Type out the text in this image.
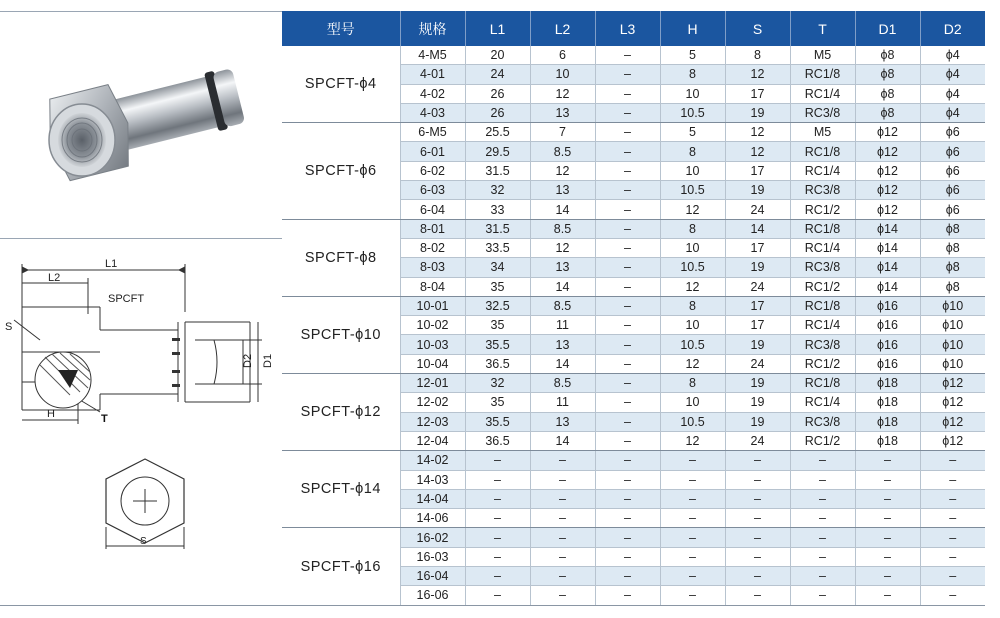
L1
L2
SPCFT
S
H	T
D2 D1
S
型号	规格	L1	L2	L3	H	S	T	D1	D2
SPCFT-ϕ4	4-M5	20	6	–	5	8	M5	ϕ8	ϕ4
	4-01	24	10	–	8	12	RC1/8	ϕ8	ϕ4
	4-02	26	12	–	10	17	RC1/4	ϕ8	ϕ4
	4-03	26	13	–	10.5	19	RC3/8	ϕ8	ϕ4
SPCFT-ϕ6	6-M5	25.5	7	–	5	12	M5	ϕ12	ϕ6
	6-01	29.5	8.5	–	8	12	RC1/8	ϕ12	ϕ6
	6-02	31.5	12	–	10	17	RC1/4	ϕ12	ϕ6
	6-03	32	13	–	10.5	19	RC3/8	ϕ12	ϕ6
	6-04	33	14	–	12	24	RC1/2	ϕ12	ϕ6
SPCFT-ϕ8	8-01	31.5	8.5	–	8	14	RC1/8	ϕ14	ϕ8
	8-02	33.5	12	–	10	17	RC1/4	ϕ14	ϕ8
	8-03	34	13	–	10.5	19	RC3/8	ϕ14	ϕ8
	8-04	35	14	–	12	24	RC1/2	ϕ14	ϕ8
SPCFT-ϕ10	10-01	32.5	8.5	–	8	17	RC1/8	ϕ16	ϕ10
	10-02	35	11	–	10	17	RC1/4	ϕ16	ϕ10
	10-03	35.5	13	–	10.5	19	RC3/8	ϕ16	ϕ10
	10-04	36.5	14	–	12	24	RC1/2	ϕ16	ϕ10
SPCFT-ϕ12	12-01	32	8.5	–	8	19	RC1/8	ϕ18	ϕ12
	12-02	35	11	–	10	19	RC1/4	ϕ18	ϕ12
	12-03	35.5	13	–	10.5	19	RC3/8	ϕ18	ϕ12
	12-04	36.5	14	–	12	24	RC1/2	ϕ18	ϕ12
SPCFT-ϕ14	14-02	–	–	–	–	–	–	–	–
	14-03	–	–	–	–	–	–	–	–
	14-04	–	–	–	–	–	–	–	–
	14-06	–	–	–	–	–	–	–	–
SPCFT-ϕ16	16-02	–	–	–	–	–	–	–	–
	16-03	–	–	–	–	–	–	–	–
	16-04	–	–	–	–	–	–	–	–
	16-06	–	–	–	–	–	–	–	–
